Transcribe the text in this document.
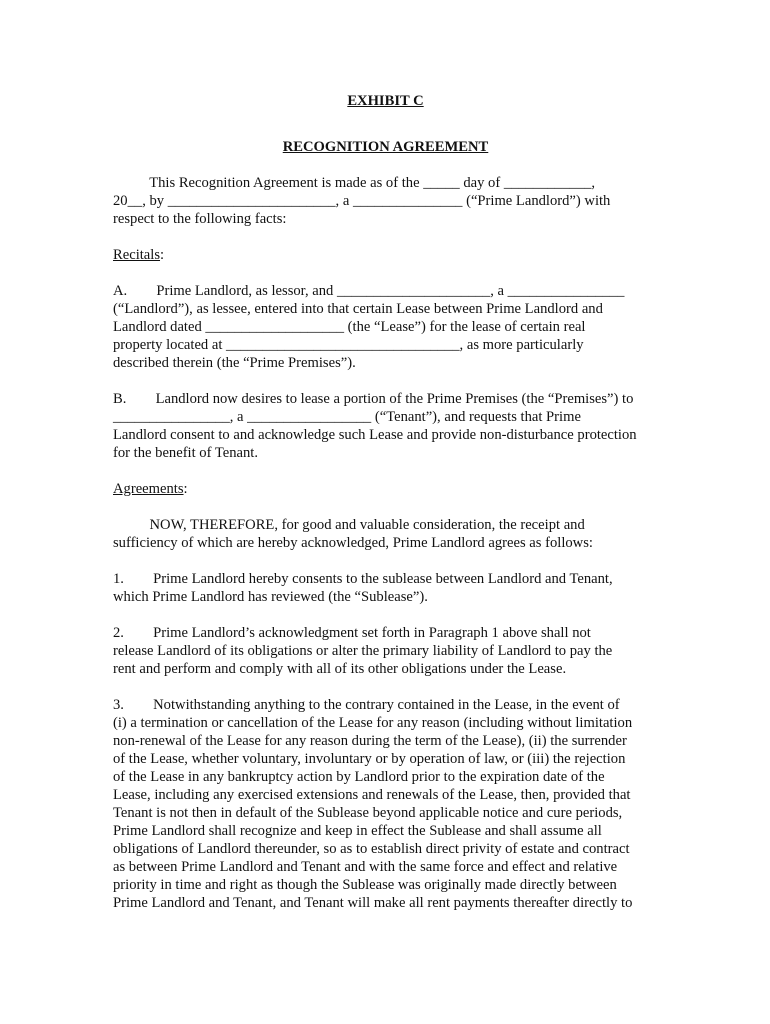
EXHIBIT C
RECOGNITION AGREEMENT
This Recognition Agreement is made as of the _____ day of ____________,
20__, by _______________________, a _______________ (“Prime Landlord”) with
respect to the following facts:
Recitals:
A.        Prime Landlord, as lessor, and _____________________, a ________________
(“Landlord”), as lessee, entered into that certain Lease between Prime Landlord and
Landlord dated ___________________ (the “Lease”) for the lease of certain real
property located at ________________________________, as more particularly
described therein (the “Prime Premises”).
B.        Landlord now desires to lease a portion of the Prime Premises (the “Premises”) to
________________, a _________________ (“Tenant”), and requests that Prime
Landlord consent to and acknowledge such Lease and provide non-disturbance protection
for the benefit of Tenant.
Agreements:
NOW, THEREFORE, for good and valuable consideration, the receipt and
sufficiency of which are hereby acknowledged, Prime Landlord agrees as follows:
1.        Prime Landlord hereby consents to the sublease between Landlord and Tenant,
which Prime Landlord has reviewed (the “Sublease”).
2.        Prime Landlord’s acknowledgment set forth in Paragraph 1 above shall not
release Landlord of its obligations or alter the primary liability of Landlord to pay the
rent and perform and comply with all of its other obligations under the Lease.
3.        Notwithstanding anything to the contrary contained in the Lease, in the event of
(i) a termination or cancellation of the Lease for any reason (including without limitation
non-renewal of the Lease for any reason during the term of the Lease), (ii) the surrender
of the Lease, whether voluntary, involuntary or by operation of law, or (iii) the rejection
of the Lease in any bankruptcy action by Landlord prior to the expiration date of the
Lease, including any exercised extensions and renewals of the Lease, then, provided that
Tenant is not then in default of the Sublease beyond applicable notice and cure periods,
Prime Landlord shall recognize and keep in effect the Sublease and shall assume all
obligations of Landlord thereunder, so as to establish direct privity of estate and contract
as between Prime Landlord and Tenant and with the same force and effect and relative
priority in time and right as though the Sublease was originally made directly between
Prime Landlord and Tenant, and Tenant will make all rent payments thereafter directly to
